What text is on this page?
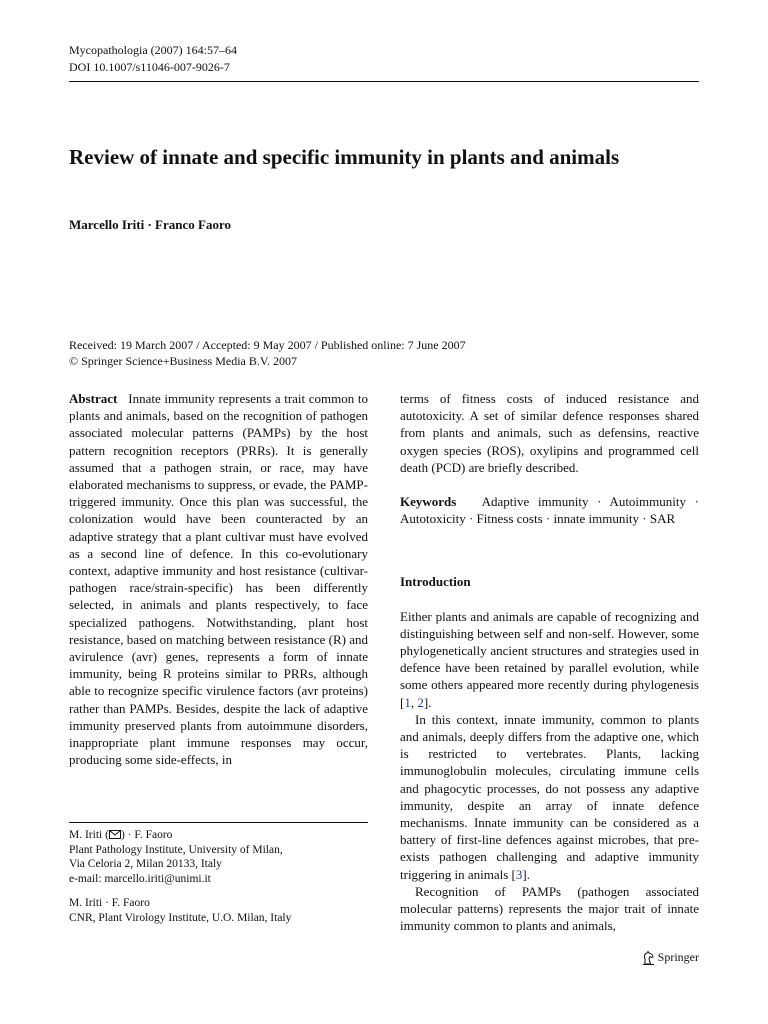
Mycopathologia (2007) 164:57–64
DOI 10.1007/s11046-007-9026-7
Review of innate and specific immunity in plants and animals
Marcello Iriti · Franco Faoro
Received: 19 March 2007 / Accepted: 9 May 2007 / Published online: 7 June 2007
© Springer Science+Business Media B.V. 2007

Abstract Innate immunity represents a trait common to plants and animals, based on the recognition of pathogen associated molecular patterns (PAMPs) by the host pattern recognition receptors (PRRs). It is generally assumed that a pathogen strain, or race, may have elaborated mechanisms to suppress, or evade, the PAMP-triggered immunity. Once this plan was successful, the colonization would have been counteracted by an adaptive strategy that a plant cultivar must have evolved as a second line of defence. In this co-evolutionary context, adaptive immunity and host resistance (cultivar-pathogen race/strain-specific) has been differently selected, in animals and plants respectively, to face specialized pathogens. Notwithstanding, plant host resistance, based on matching between resistance (R) and avirulence (avr) genes, represents a form of innate immunity, being R proteins similar to PRRs, although able to recognize specific virulence factors (avr proteins) rather than PAMPs. Besides, despite the lack of adaptive immunity preserved plants from autoimmune disorders, inappropriate plant immune responses may occur, producing some side-effects, in

terms of fitness costs of induced resistance and autotoxicity. A set of similar defence responses shared from plants and animals, such as defensins, reactive oxygen species (ROS), oxylipins and programmed cell death (PCD) are briefly described.

Keywords Adaptive immunity · Autoimmunity · Autotoxicity · Fitness costs · innate immunity · SAR

Introduction

Either plants and animals are capable of recognizing and distinguishing between self and non-self. However, some phylogenetically ancient structures and strategies used in defence have been retained by parallel evolution, while some others appeared more recently during phylogenesis [1, 2].

In this context, innate immunity, common to plants and animals, deeply differs from the adaptive one, which is restricted to vertebrates. Plants, lacking immunoglobulin molecules, circulating immune cells and phagocytic processes, do not possess any adaptive immunity, despite an array of innate defence mechanisms. Innate immunity can be considered as a battery of first-line defences against microbes, that pre-exists pathogen challenging and adaptive immunity triggering in animals [3].

Recognition of PAMPs (pathogen associated molecular patterns) represents the major trait of innate immunity common to plants and animals,

M. Iriti ( ) · F. Faoro

Plant Pathology Institute, University of Milan,

Via Celoria 2, Milan 20133, Italy

e-mail: marcello.iriti@unimi.it

M. Iriti · F. Faoro

CNR, Plant Virology Institute, U.O. Milan, Italy

Springer
